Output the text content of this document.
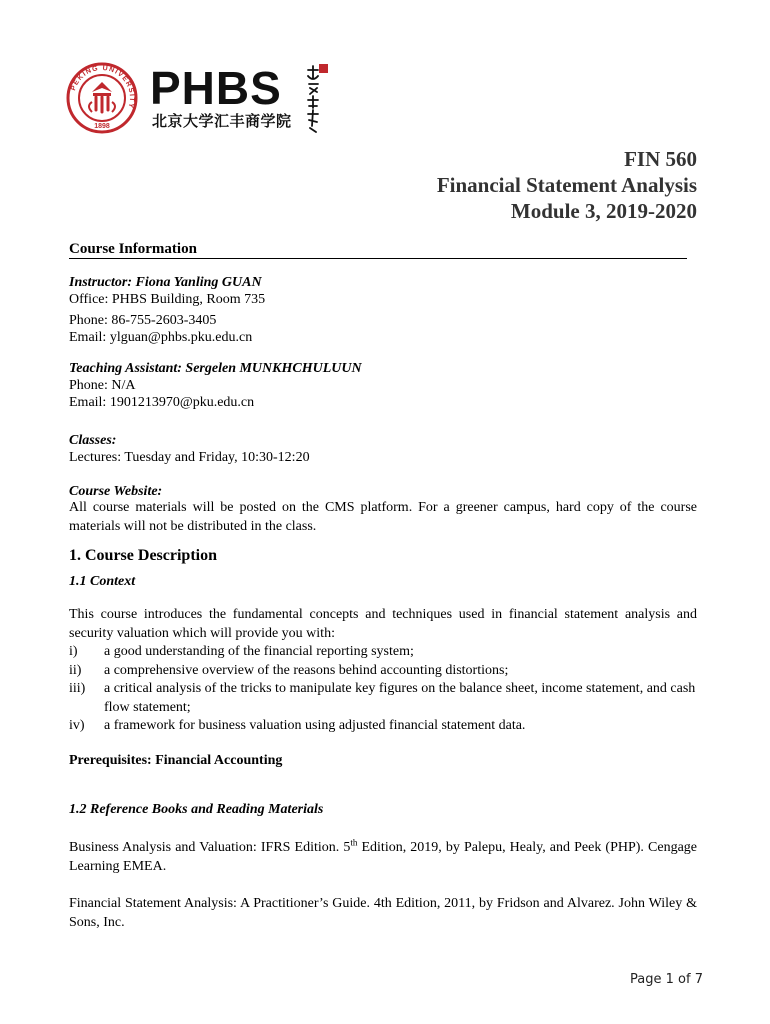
PEKING UNIVERSITY
1898
PHBS
北京大学汇丰商学院
FIN 560
Financial Statement Analysis
Module 3, 2019-2020
Course Information
Instructor: Fiona Yanling GUAN
Office: PHBS Building, Room 735
Phone: 86-755-2603-3405
Email: ylguan@phbs.pku.edu.cn
Teaching Assistant: Sergelen MUNKHCHULUUN
Phone: N/A
Email: 1901213970@pku.edu.cn
Classes:
Lectures: Tuesday and Friday, 10:30-12:20
Course Website:
All course materials will be posted on the CMS platform. For a greener campus, hard copy of the course materials will not be distributed in the class.
1. Course Description
1.1 Context
This course introduces the fundamental concepts and techniques used in financial statement analysis and security valuation which will provide you with:
i) a good understanding of the financial reporting system;
ii) a comprehensive overview of the reasons behind accounting distortions;
iii) a critical analysis of the tricks to manipulate key figures on the balance sheet, income statement, and cash flow statement;
iv) a framework for business valuation using adjusted financial statement data.
Prerequisites: Financial Accounting
1.2 Reference Books and Reading Materials
Business Analysis and Valuation: IFRS Edition. 5th Edition, 2019, by Palepu, Healy, and Peek (PHP). Cengage Learning EMEA.
Financial Statement Analysis: A Practitioner’s Guide. 4th Edition, 2011, by Fridson and Alvarez. John Wiley & Sons, Inc.
Page 1 of 7
